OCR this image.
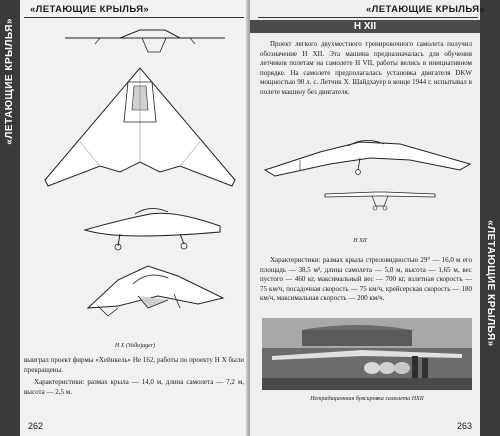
«ЛЕТАЮЩИЕ КРЫЛЬЯ»
«ЛЕТАЮЩИЕ КРЫЛЬЯ»
H X (Volksjager)

выиграл проект фирмы «Хейнкель» Не 162, работы по проекту H X были прекращены.

Характеристики: размах крыла — 14,0 м, длина самолета — 7,2 м, высота — 2,5 м.

262
«ЛЕТАЮЩИЕ КРЫЛЬЯ»
«ЛЕТАЮЩИЕ КРЫЛЬЯ»
H XII

Проект легкого двухместного тренировочного самолета получил обозначение H XII. Эта машина предназначалась для обучения летчиков полетам на самолете H VII, работы велись в инициативном порядке. На самолете предполагалась установка двигателя DKW мощностью 90 л. с. Летчик Х. Шайдхауер в конце 1944 г. испытывал в полете машину без двигателя.

H XII

Характеристики: размах крыла стреловидностью 29° — 16,0 м его площадь — 38,5 м², длина самолета — 5,0 м, высота — 1,65 м, вес пустого — 460 кг, максимальный вес — 700 кг, взлетная скорость — 75 км/ч, посадочная скорость — 75 км/ч, крейсерская скорость — 180 км/ч, максимальная скорость — 200 км/ч.

Нетрадиционная буксировка самолета HXII
263
